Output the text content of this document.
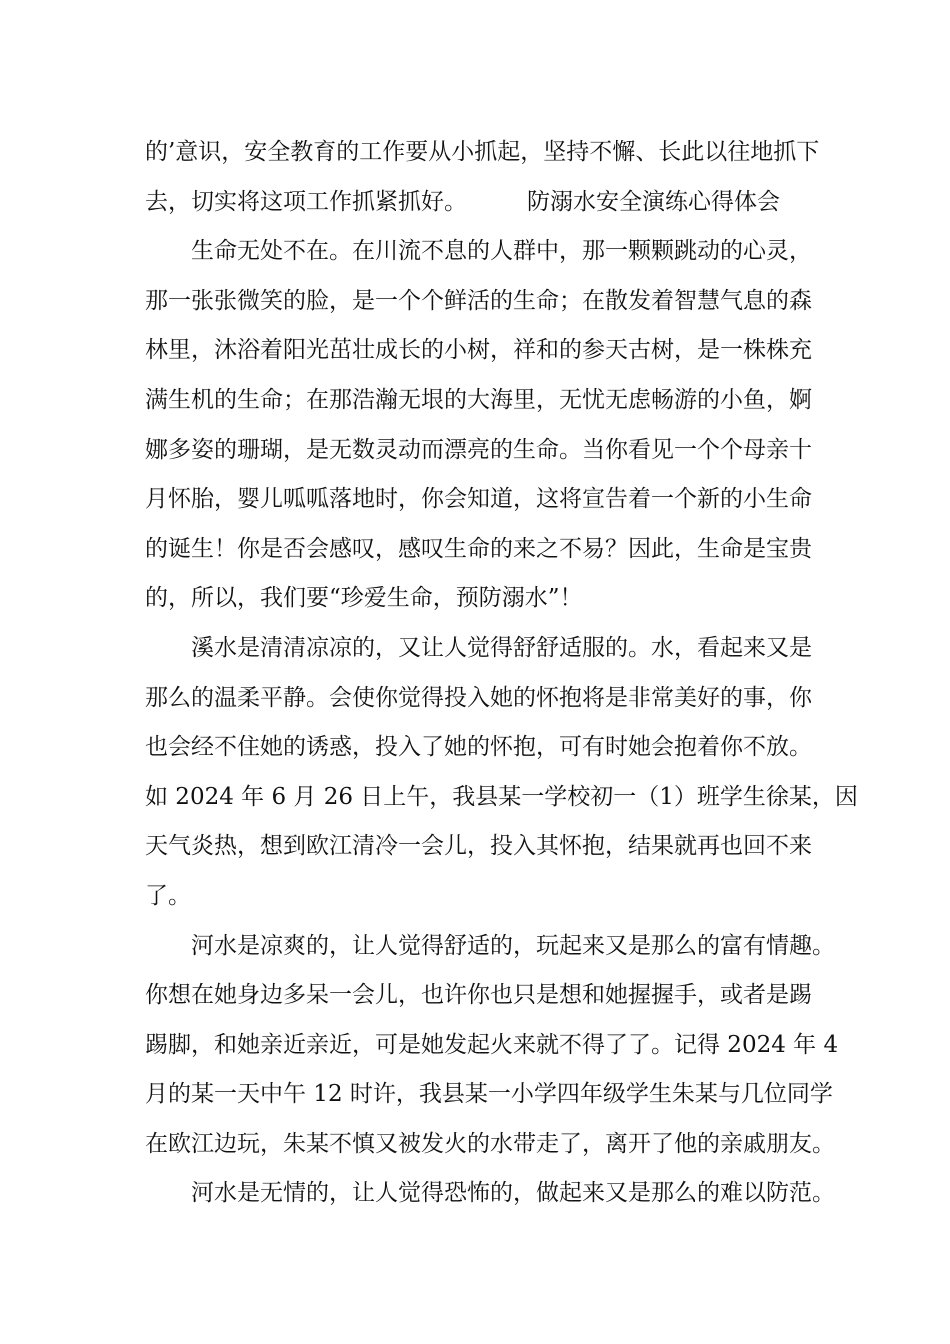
的’意识，安全教育的工作要从小抓起，坚持不懈、长此以往地抓下
去，切实将这项工作抓紧抓好。	防溺水安全演练心得体会
生命无处不在。在川流不息的人群中，那一颗颗跳动的心灵，
那一张张微笑的脸，是一个个鲜活的生命；在散发着智慧气息的森
林里，沐浴着阳光茁壮成长的小树，祥和的参天古树，是一株株充
满生机的生命；在那浩瀚无垠的大海里，无忧无虑畅游的小鱼，婀
娜多姿的珊瑚，是无数灵动而漂亮的生命。当你看见一个个母亲十
月怀胎，婴儿呱呱落地时，你会知道，这将宣告着一个新的小生命
的诞生！你是否会感叹，感叹生命的来之不易？因此，生命是宝贵
的，所以，我们要“珍爱生命，预防溺水”！
溪水是清清凉凉的，又让人觉得舒舒适服的。水，看起来又是
那么的温柔平静。会使你觉得投入她的怀抱将是非常美好的事，你
也会经不住她的诱惑，投入了她的怀抱，可有时她会抱着你不放。
如 2024 年 6 月 26 日上午，我县某一学校初一（1）班学生徐某，因
天气炎热，想到欧江清冷一会儿，投入其怀抱，结果就再也回不来
了。
河水是凉爽的，让人觉得舒适的，玩起来又是那么的富有情趣。
你想在她身边多呆一会儿，也许你也只是想和她握握手，或者是踢
踢脚，和她亲近亲近，可是她发起火来就不得了了。记得 2024 年 4
月的某一天中午 12 时许，我县某一小学四年级学生朱某与几位同学
在欧江边玩，朱某不慎又被发火的水带走了，离开了他的亲戚朋友。
河水是无情的，让人觉得恐怖的，做起来又是那么的难以防范。
